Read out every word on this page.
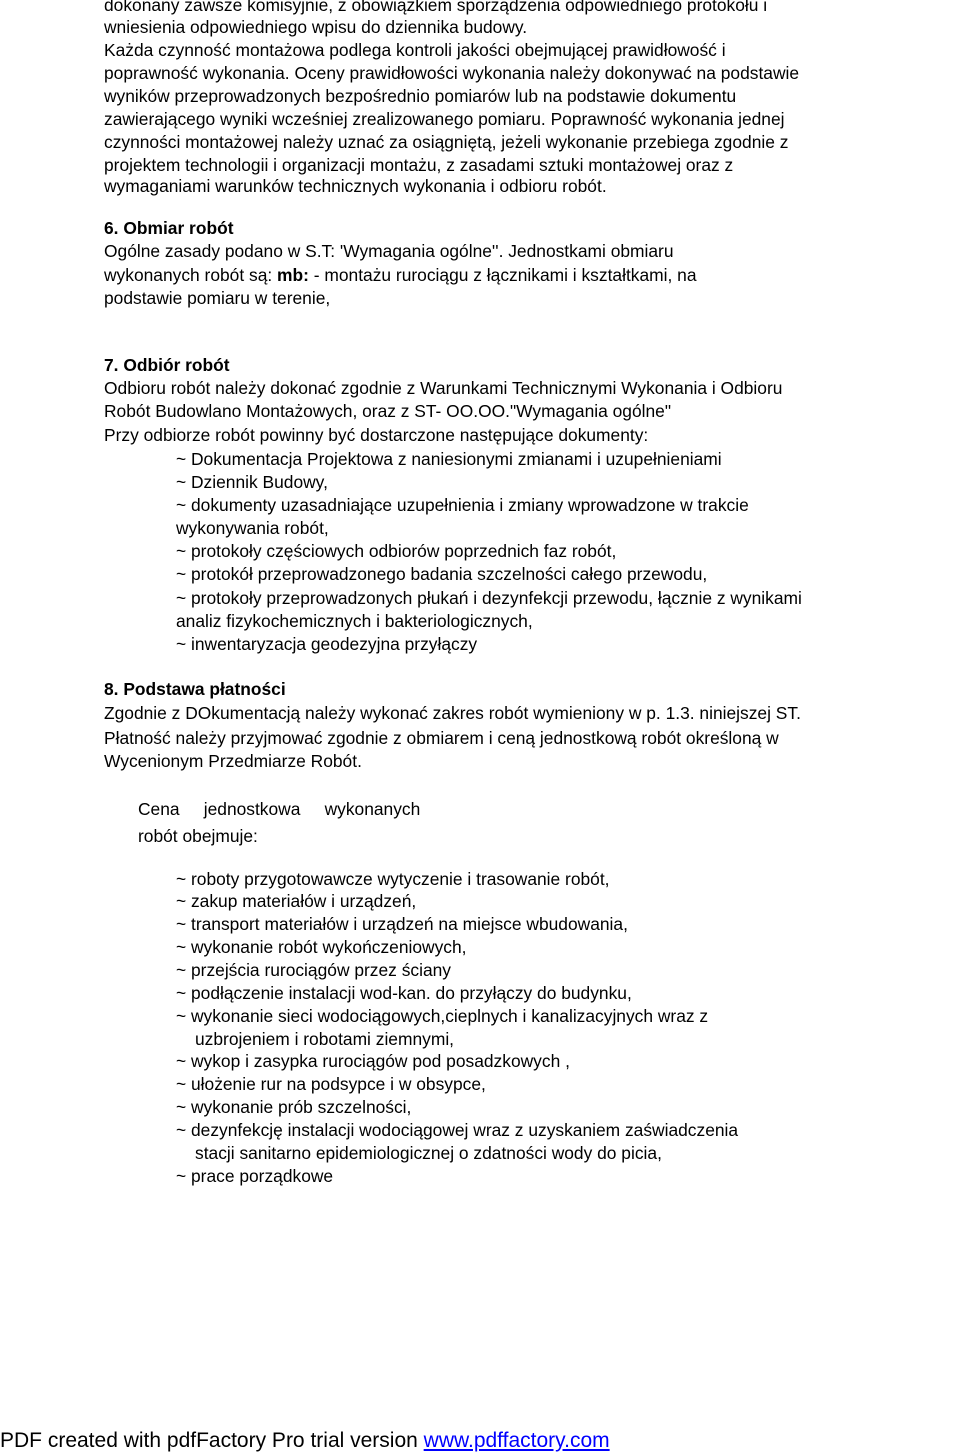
dokonany zawsze komisyjnie, z obowiązkiem sporządzenia odpowiedniego protokołu i
wniesienia odpowiedniego wpisu do dziennika budowy.
Każda czynność montażowa podlega kontroli jakości obejmującej prawidłowość i
poprawność wykonania. Oceny prawidłowości wykonania należy dokonywać na podstawie
wyników przeprowadzonych bezpośrednio pomiarów lub na podstawie dokumentu
zawierającego wyniki wcześniej zrealizowanego pomiaru. Poprawność wykonania jednej
czynności montażowej należy uznać za osiągniętą, jeżeli wykonanie przebiega zgodnie z
projektem technologii i organizacji montażu, z zasadami sztuki montażowej oraz z
wymaganiami warunków technicznych wykonania i odbioru robót.
6. Obmiar robót
Ogólne zasady podano w S.T: 'Wymagania ogólne''. Jednostkami obmiaru
wykonanych robót są: mb: - montażu rurociągu z łącznikami i kształtkami, na
podstawie pomiaru w terenie,
7. Odbiór robót
Odbioru robót należy dokonać zgodnie z Warunkami Technicznymi Wykonania i Odbioru
Robót Budowlano Montażowych, oraz z ST- OO.OO."Wymagania ogólne"
Przy odbiorze robót powinny być dostarczone następujące dokumenty:
~ Dokumentacja Projektowa z naniesionymi zmianami i uzupełnieniami
~ Dziennik Budowy,
~ dokumenty uzasadniające uzupełnienia i zmiany wprowadzone w trakcie
wykonywania robót,
~ protokoły częściowych odbiorów poprzednich faz robót,
~ protokół przeprowadzonego badania szczelności całego przewodu,
~ protokoły przeprowadzonych płukań i dezynfekcji przewodu, łącznie z wynikami
analiz fizykochemicznych i bakteriologicznych,
~ inwentaryzacja geodezyjna przyłączy
8. Podstawa płatności
Zgodnie z DOkumentacją należy wykonać zakres robót wymieniony w p. 1.3. niniejszej ST.
Płatność należy przyjmować zgodnie z obmiarem i ceną jednostkową robót określoną w
Wycenionym Przedmiarze Robót.
Cena     jednostkowa     wykonanych
robót obejmuje:
~ roboty przygotowawcze wytyczenie i trasowanie robót,
~ zakup materiałów i urządzeń,
~ transport materiałów i urządzeń na miejsce wbudowania,
~ wykonanie robót wykończeniowych,
~ przejścia rurociągów przez ściany
~ podłączenie instalacji wod-kan. do przyłączy do budynku,
~ wykonanie sieci wodociągowych,cieplnych i kanalizacyjnych wraz z
uzbrojeniem i robotami ziemnymi,
~ wykop i zasypka rurociągów pod posadzkowych ,
~ ułożenie rur na podsypce i w obsypce,
~ wykonanie prób szczelności,
~ dezynfekcję instalacji wodociągowej wraz z uzyskaniem zaświadczenia
stacji sanitarno epidemiologicznej o zdatności wody do picia,
~ prace porządkowe
PDF created with pdfFactory Pro trial version www.pdffactory.com
